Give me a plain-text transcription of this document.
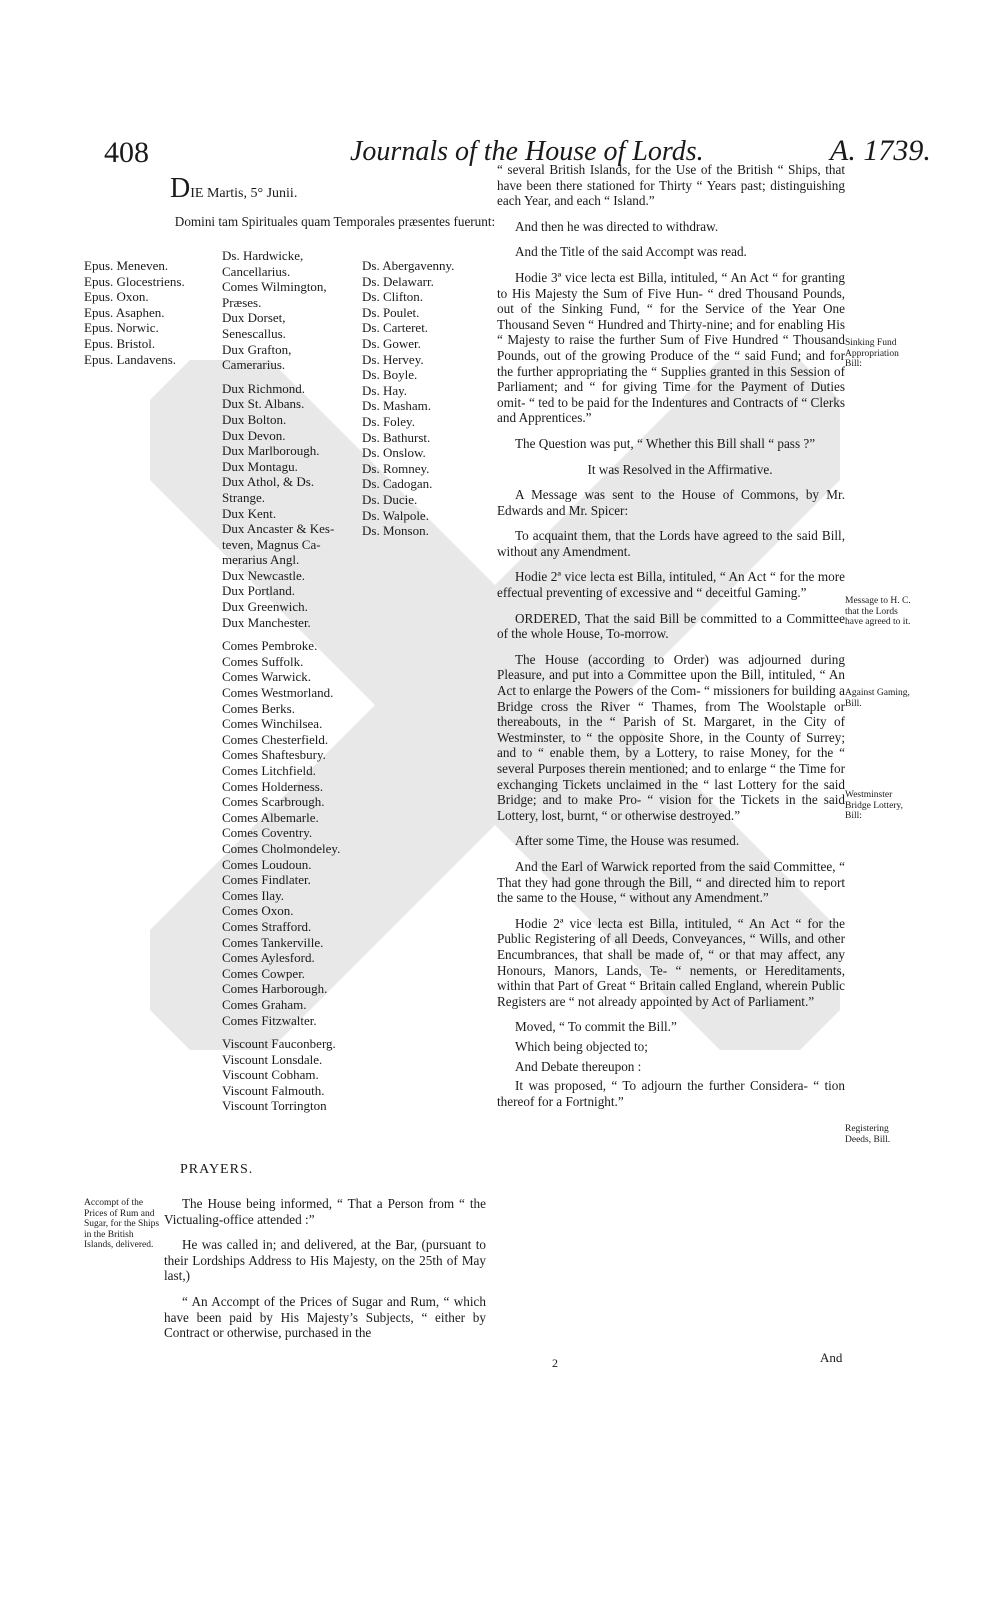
408	Journals of the House of Lords.	A. 1739.
DIE Martis, 5° Junii.
Domini tam Spirituales quam Temporales præsentes fuerunt:
Epus. Meneven.
Epus. Glocestriens.
Epus. Oxon.
Epus. Asaphen.
Epus. Norwic.
Epus. Bristol.
Epus. Landavens.
Ds. Hardwicke,
Cancellarius.
Comes Wilmington,
Præses.
Dux Dorset,
Senescallus.
Dux Grafton,
Camerarius.
Dux Richmond.
Dux St. Albans.
Dux Bolton.
Dux Devon.
Dux Marlborough.
Dux Montagu.
Dux Athol, & Ds.
Strange.
Dux Kent.
Dux Ancaster & Kes-
teven, Magnus Ca-
merarius Angl.
Dux Newcastle.
Dux Portland.
Dux Greenwich.
Dux Manchester.
Comes Pembroke.
Comes Suffolk.
Comes Warwick.
Comes Westmorland.
Comes Berks.
Comes Winchilsea.
Comes Chesterfield.
Comes Shaftesbury.
Comes Litchfield.
Comes Holderness.
Comes Scarbrough.
Comes Albemarle.
Comes Coventry.
Comes Cholmondeley.
Comes Loudoun.
Comes Findlater.
Comes Ilay.
Comes Oxon.
Comes Strafford.
Comes Tankerville.
Comes Aylesford.
Comes Cowper.
Comes Harborough.
Comes Graham.
Comes Fitzwalter.
Viscount Fauconberg.
Viscount Lonsdale.
Viscount Cobham.
Viscount Falmouth.
Viscount Torrington
Ds. Abergavenny.
Ds. Delawarr.
Ds. Clifton.
Ds. Poulet.
Ds. Carteret.
Ds. Gower.
Ds. Hervey.
Ds. Boyle.
Ds. Hay.
Ds. Masham.
Ds. Foley.
Ds. Bathurst.
Ds. Onslow.
Ds. Romney.
Ds. Cadogan.
Ds. Ducie.
Ds. Walpole.
Ds. Monson.
PRAYERS.
Accompt of the Prices of Rum and Sugar, for the Ships in the British Islands, delivered.

The House being informed, “ That a Person from “ the Victualing-office attended :”

He was called in; and delivered, at the Bar, (pursuant to their Lordships Address to His Majesty, on the 25th of May last,)

“ An Accompt of the Prices of Sugar and Rum, “ which have been paid by His Majesty’s Subjects, “ either by Contract or otherwise, purchased in the

“ several British Islands, for the Use of the British “ Ships, that have been there stationed for Thirty “ Years past; distinguishing each Year, and each “ Island.”

And then he was directed to withdraw.

And the Title of the said Accompt was read.

Hodie 3ª vice lecta est Billa, intituled, “ An Act “ for granting to His Majesty the Sum of Five Hun- “ dred Thousand Pounds, out of the Sinking Fund, “ for the Service of the Year One Thousand Seven “ Hundred and Thirty-nine; and for enabling His “ Majesty to raise the further Sum of Five Hundred “ Thousand Pounds, out of the growing Produce of the “ said Fund; and for the further appropriating the “ Supplies granted in this Session of Parliament; and “ for giving Time for the Payment of Duties omit- “ ted to be paid for the Indentures and Contracts of “ Clerks and Apprentices.”

The Question was put, “ Whether this Bill shall “ pass ?”

It was Resolved in the Affirmative.

A Message was sent to the House of Commons, by Mr. Edwards and Mr. Spicer:

To acquaint them, that the Lords have agreed to the said Bill, without any Amendment.

Hodie 2ª vice lecta est Billa, intituled, “ An Act “ for the more effectual preventing of excessive and “ deceitful Gaming.”

ORDERED, That the said Bill be committed to a Committee of the whole House, To-morrow.

The House (according to Order) was adjourned during Pleasure, and put into a Committee upon the Bill, intituled, “ An Act to enlarge the Powers of the Com- “ missioners for building a Bridge cross the River “ Thames, from The Woolstaple or thereabouts, in the “ Parish of St. Margaret, in the City of Westminster, to “ the opposite Shore, in the County of Surrey; and to “ enable them, by a Lottery, to raise Money, for the “ several Purposes therein mentioned; and to enlarge “ the Time for exchanging Tickets unclaimed in the “ last Lottery for the said Bridge; and to make Pro- “ vision for the Tickets in the said Lottery, lost, burnt, “ or otherwise destroyed.”

After some Time, the House was resumed.

And the Earl of Warwick reported from the said Committee, “ That they had gone through the Bill, “ and directed him to report the same to the House, “ without any Amendment.”

Hodie 2ª vice lecta est Billa, intituled, “ An Act “ for the Public Registering of all Deeds, Conveyances, “ Wills, and other Encumbrances, that shall be made of, “ or that may affect, any Honours, Manors, Lands, Te- “ nements, or Hereditaments, within that Part of Great “ Britain called England, wherein Public Registers are “ not already appointed by Act of Parliament.”

Moved, “ To commit the Bill.”

Which being objected to;

And Debate thereupon :

It was proposed, “ To adjourn the further Considera- “ tion thereof for a Fortnight.”

Sinking Fund Appropriation Bill:
Message to H. C. that the Lords have agreed to it.
Against Gaming, Bill.
Westminster Bridge Lottery, Bill:
Registering Deeds, Bill.
2	And
